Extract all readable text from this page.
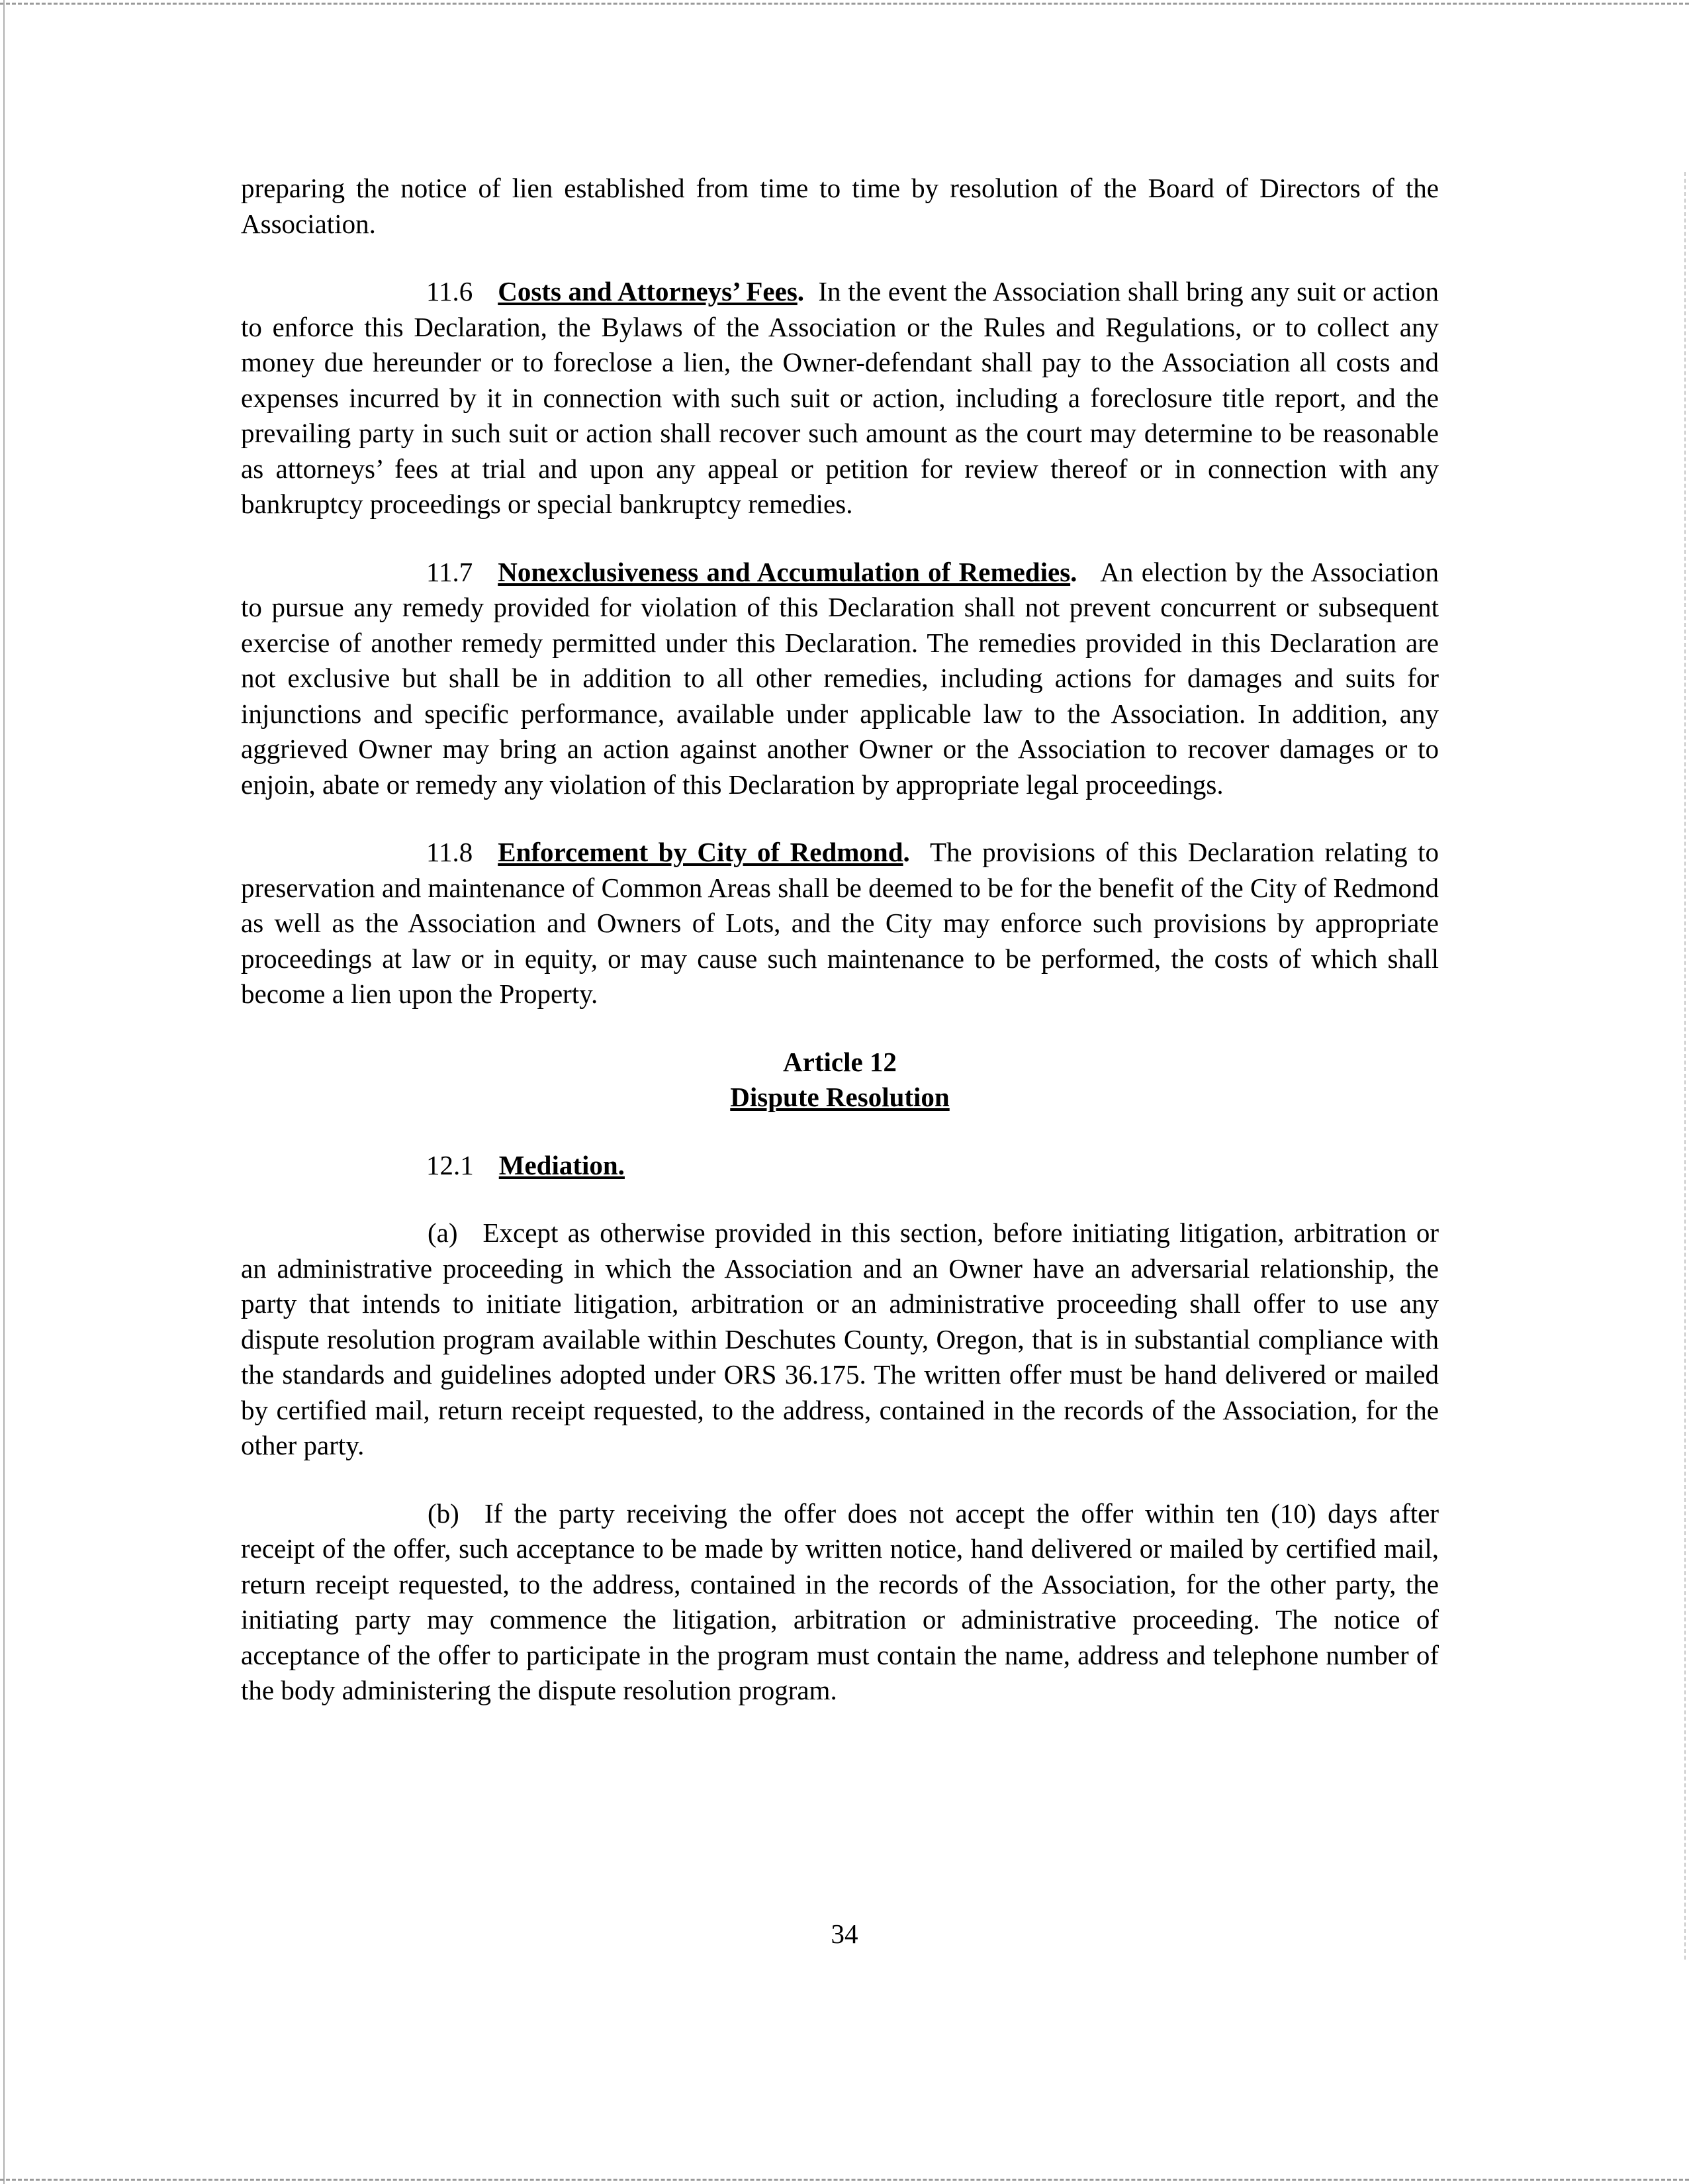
preparing the notice of lien established from time to time by resolution of the Board of Directors of the Association.

11.6 Costs and Attorneys’ Fees. In the event the Association shall bring any suit or action to enforce this Declaration, the Bylaws of the Association or the Rules and Regulations, or to collect any money due hereunder or to foreclose a lien, the Owner-defendant shall pay to the Association all costs and expenses incurred by it in connection with such suit or action, including a foreclosure title report, and the prevailing party in such suit or action shall recover such amount as the court may determine to be reasonable as attorneys’ fees at trial and upon any appeal or petition for review thereof or in connection with any bankruptcy proceedings or special bankruptcy remedies.

11.7 Nonexclusiveness and Accumulation of Remedies. An election by the Association to pursue any remedy provided for violation of this Declaration shall not prevent concurrent or subsequent exercise of another remedy permitted under this Declaration. The remedies provided in this Declaration are not exclusive but shall be in addition to all other remedies, including actions for damages and suits for injunctions and specific performance, available under applicable law to the Association. In addition, any aggrieved Owner may bring an action against another Owner or the Association to recover damages or to enjoin, abate or remedy any violation of this Declaration by appropriate legal proceedings.

11.8 Enforcement by City of Redmond. The provisions of this Declaration relating to preservation and maintenance of Common Areas shall be deemed to be for the benefit of the City of Redmond as well as the Association and Owners of Lots, and the City may enforce such provisions by appropriate proceedings at law or in equity, or may cause such maintenance to be performed, the costs of which shall become a lien upon the Property.

Article 12
Dispute Resolution

12.1 Mediation.

(a) Except as otherwise provided in this section, before initiating litigation, arbitration or an administrative proceeding in which the Association and an Owner have an adversarial relationship, the party that intends to initiate litigation, arbitration or an administrative proceeding shall offer to use any dispute resolution program available within Deschutes County, Oregon, that is in substantial compliance with the standards and guidelines adopted under ORS 36.175. The written offer must be hand delivered or mailed by certified mail, return receipt requested, to the address, contained in the records of the Association, for the other party.

(b) If the party receiving the offer does not accept the offer within ten (10) days after receipt of the offer, such acceptance to be made by written notice, hand delivered or mailed by certified mail, return receipt requested, to the address, contained in the records of the Association, for the other party, the initiating party may commence the litigation, arbitration or administrative proceeding. The notice of acceptance of the offer to participate in the program must contain the name, address and telephone number of the body administering the dispute resolution program.

34
